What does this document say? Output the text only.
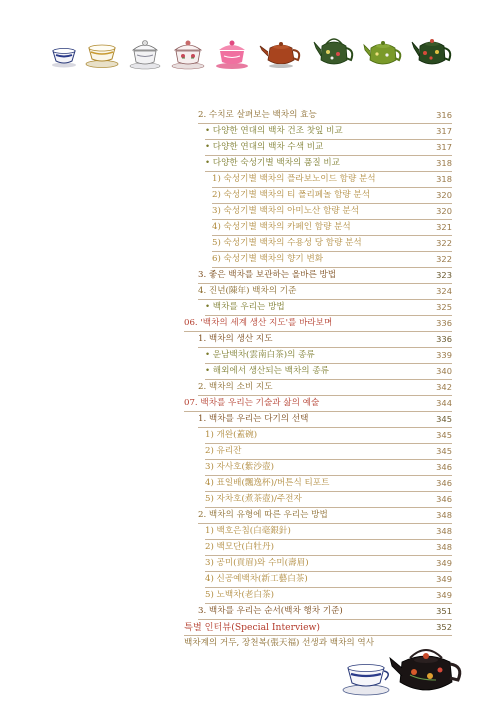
2. 수치로 살펴보는 백차의 효능	316
• 다양한 연대의 백차 건조 찻잎 비교	317
• 다양한 연대의 백차 수색 비교	317
• 다양한 숙성기별 백차의 품질 비교	318
1) 숙성기별 백차의 플라보노이드 함량 분석	318
2) 숙성기별 백차의 티 폴리페놀 함량 분석	320
3) 숙성기별 백차의 아미노산 함량 분석	320
4) 숙성기별 백차의 카페인 함량 분석	321
5) 숙성기별 백차의 수용성 당 함량 분석	322
6) 숙성기별 백차의 향기 변화	322
3. 좋은 백차를 보관하는 올바른 방법	323
4. 진년(陳年) 백차의 기준	324
• 백차를 우리는 방법	325
06. '백차의 세계 생산 지도'를 바라보며	336
1. 백차의 생산 지도	336
• 운남백차(雲南白茶)의 종류	339
• 해외에서 생산되는 백차의 종류	340
2. 백차의 소비 지도	342
07. 백차를 우리는 기술과 삶의 예술	344
1. 백차를 우리는 다기의 선택	345
1) 개완(蓋碗)	345
2) 유리잔	345
3) 자사호(紫沙壺)	346
4) 표일배(飄逸杯)/버튼식 티포트	346
5) 자차호(煮茶壺)/주전자	346
2. 백차의 유형에 따른 우리는 방법	348
1) 백호은침(白毫銀針)	348
2) 백모단(白牡丹)	348
3) 공미(貢眉)와 수미(壽眉)	349
4) 신공예백차(新工藝白茶)	349
5) 노백차(老白茶)	349
3. 백차를 우리는 순서(백차 행차 기준)	351
특별 인터뷰(Special Interview)	352
백차계의 거두, 장천복(張天福) 선생과 백차의 역사
